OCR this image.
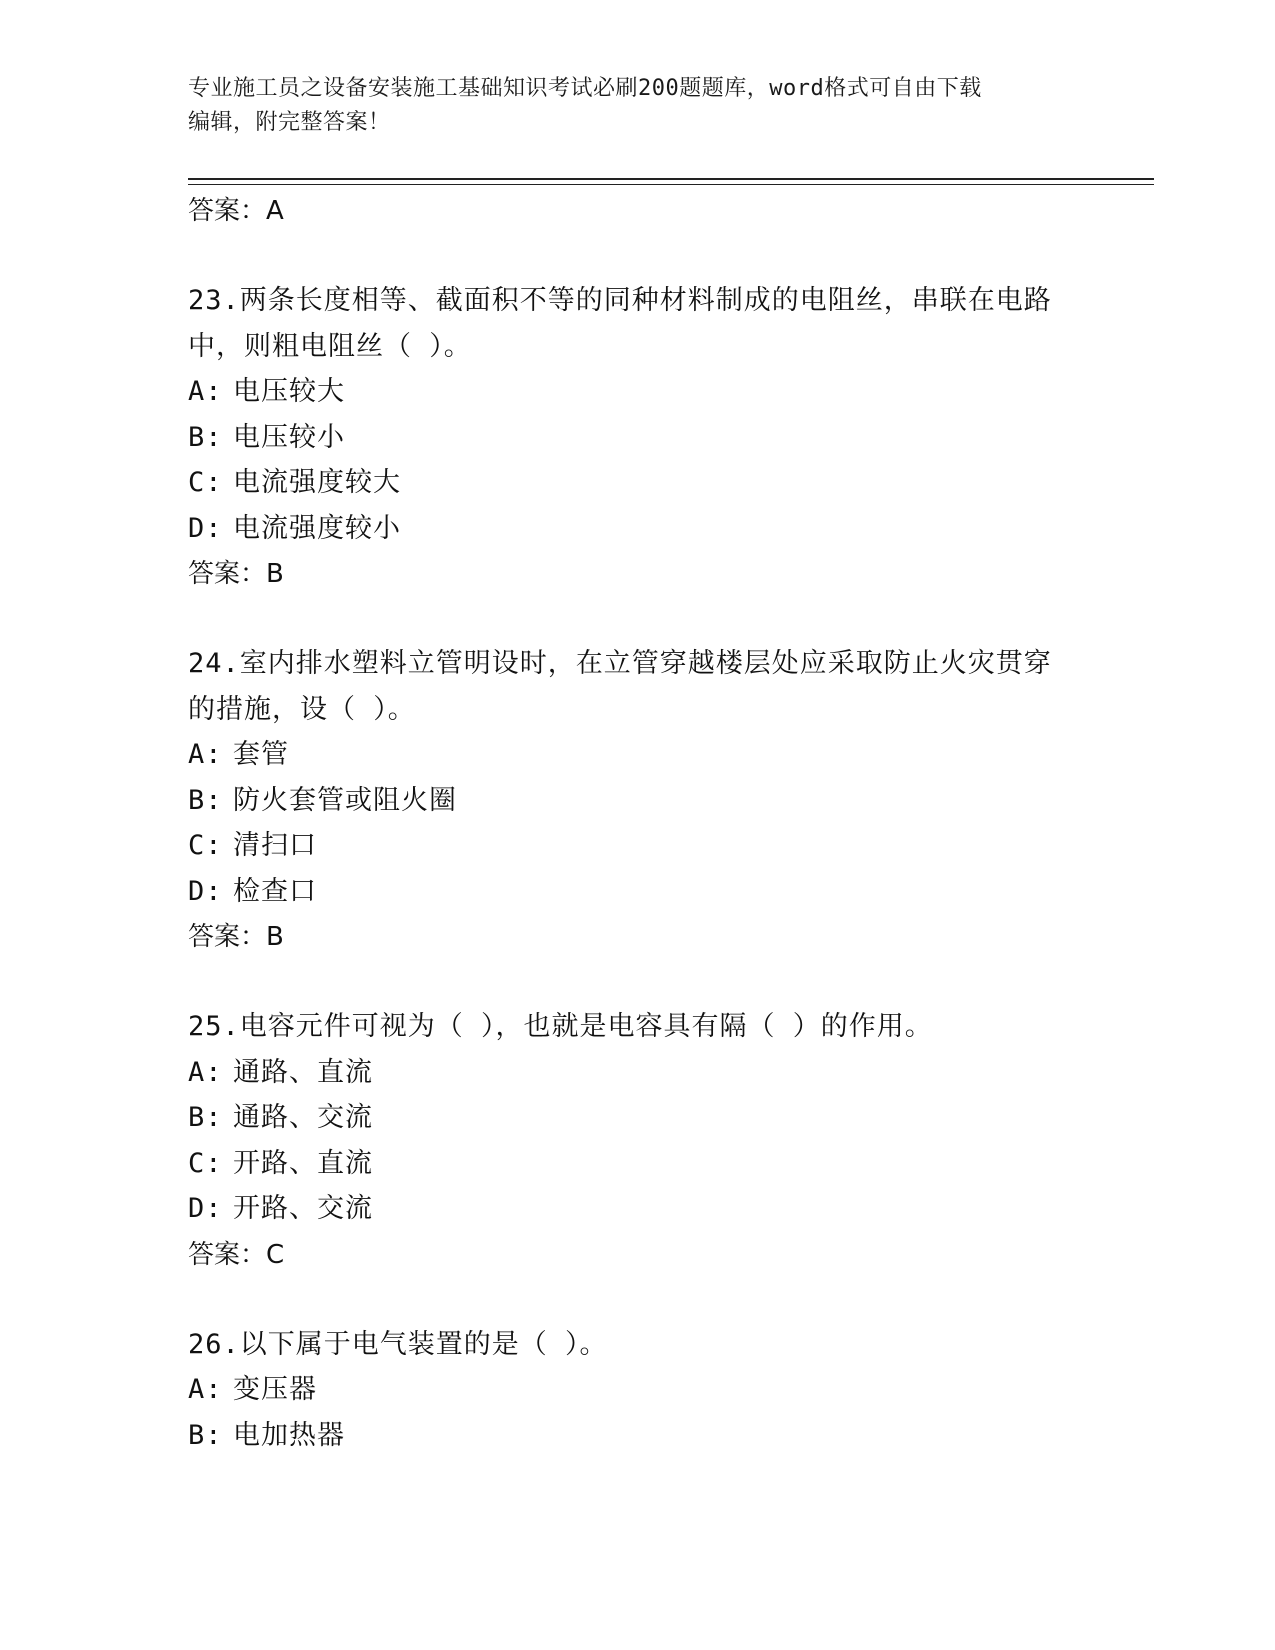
专业施工员之设备安装施工基础知识考试必刷200题题库，word格式可自由下载
编辑，附完整答案！
答案：A
23.两条长度相等、截面积不等的同种材料制成的电阻丝，串联在电路
中，则粗电阻丝（ ）。
A: 电压较大
B: 电压较小
C: 电流强度较大
D: 电流强度较小
答案：B
24.室内排水塑料立管明设时，在立管穿越楼层处应采取防止火灾贯穿
的措施，设（ ）。
A: 套管
B: 防火套管或阻火圈
C: 清扫口
D: 检查口
答案：B
25.电容元件可视为（ ），也就是电容具有隔（ ）的作用。
A: 通路、直流
B: 通路、交流
C: 开路、直流
D: 开路、交流
答案：C
26.以下属于电气装置的是（ ）。
A: 变压器
B: 电加热器
